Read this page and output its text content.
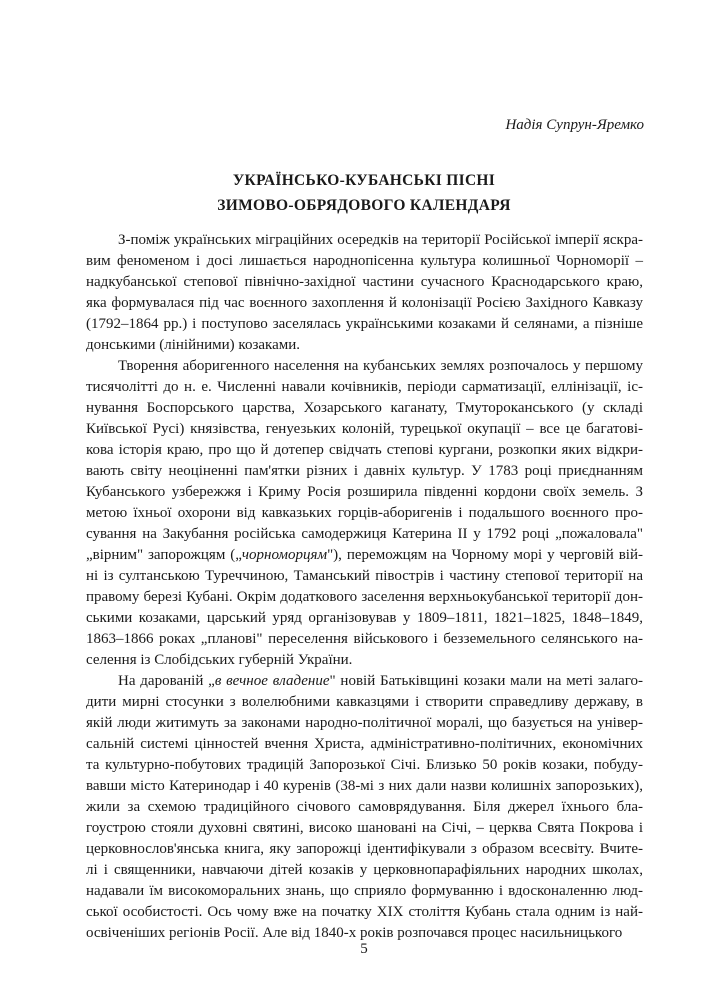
Надія Супрун-Яремко
УКРАЇНСЬКО-КУБАНСЬКІ ПІСНІ
ЗИМОВО-ОБРЯДОВОГО КАЛЕНДАРЯ
З-поміж українських міграційних осередків на території Російської імперії яскра-
вим феноменом і досі лишається народнопісенна культура колишньої Чорноморії –
надкубанської степової північно-західної частини сучасного Краснодарського краю,
яка формувалася під час воєнного захоплення й колонізації Росією Західного Кавказу
(1792–1864 рр.) і поступово заселялась українськими козаками й селянами, а пізніше
донськими (лінійними) козаками.
Творення аборигенного населення на кубанських землях розпочалось у першому
тисячолітті до н. е. Численні навали кочівників, періоди сарматизації, еллінізації, іс-
нування Боспорського царства, Хозарського каганату, Тмутороканського (у складі
Київської Русі) князівства, генуезьких колоній, турецької окупації – все це багатові-
кова історія краю, про що й дотепер свідчать степові кургани, розкопки яких відкри-
вають світу неоціненні пам'ятки різних і давніх культур. У 1783 році приєднанням
Кубанського узбережжя і Криму Росія розширила південні кордони своїх земель. З
метою їхньої охорони від кавказьких горців-аборигенів і подальшого воєнного про-
сування на Закубання російська самодержиця Катерина II у 1792 році „пожаловала"
„вірним" запорожцям („чорноморцям"), переможцям на Чорному морі у черговій вій-
ні із султанською Туреччиною, Таманський півострів і частину степової території на
правому березі Кубані. Окрім додаткового заселення верхньокубанської території дон-
ськими козаками, царський уряд організовував у 1809–1811, 1821–1825, 1848–1849,
1863–1866 роках „планові" переселення військового і безземельного селянського на-
селення із Слобідських губерній України.
На дарованій „в вечное владение" новій Батьківщині козаки мали на меті залаго-
дити мирні стосунки з волелюбними кавказцями і створити справедливу державу, в
якій люди житимуть за законами народно-політичної моралі, що базується на універ-
сальній системі цінностей вчення Христа, адміністративно-політичних, економічних
та культурно-побутових традицій Запорозької Січі. Близько 50 років козаки, побуду-
вавши місто Катеринодар і 40 куренів (38-мі з них дали назви колишніх запорозьких),
жили за схемою традиційного січового самоврядування. Біля джерел їхнього бла-
гоустрою стояли духовні святині, високо шановані на Січі, – церква Свята Покрова і
церковнослов'янська книга, яку запорожці ідентифікували з образом всесвіту. Вчите-
лі і священники, навчаючи дітей козаків у церковнопарафіяльних народних школах,
надавали їм високоморальних знань, що сприяло формуванню і вдосконаленню люд-
ської особистості. Ось чому вже на початку XIX століття Кубань стала одним із най-
освіченіших регіонів Росії. Але від 1840-х років розпочався процес насильницького
5
